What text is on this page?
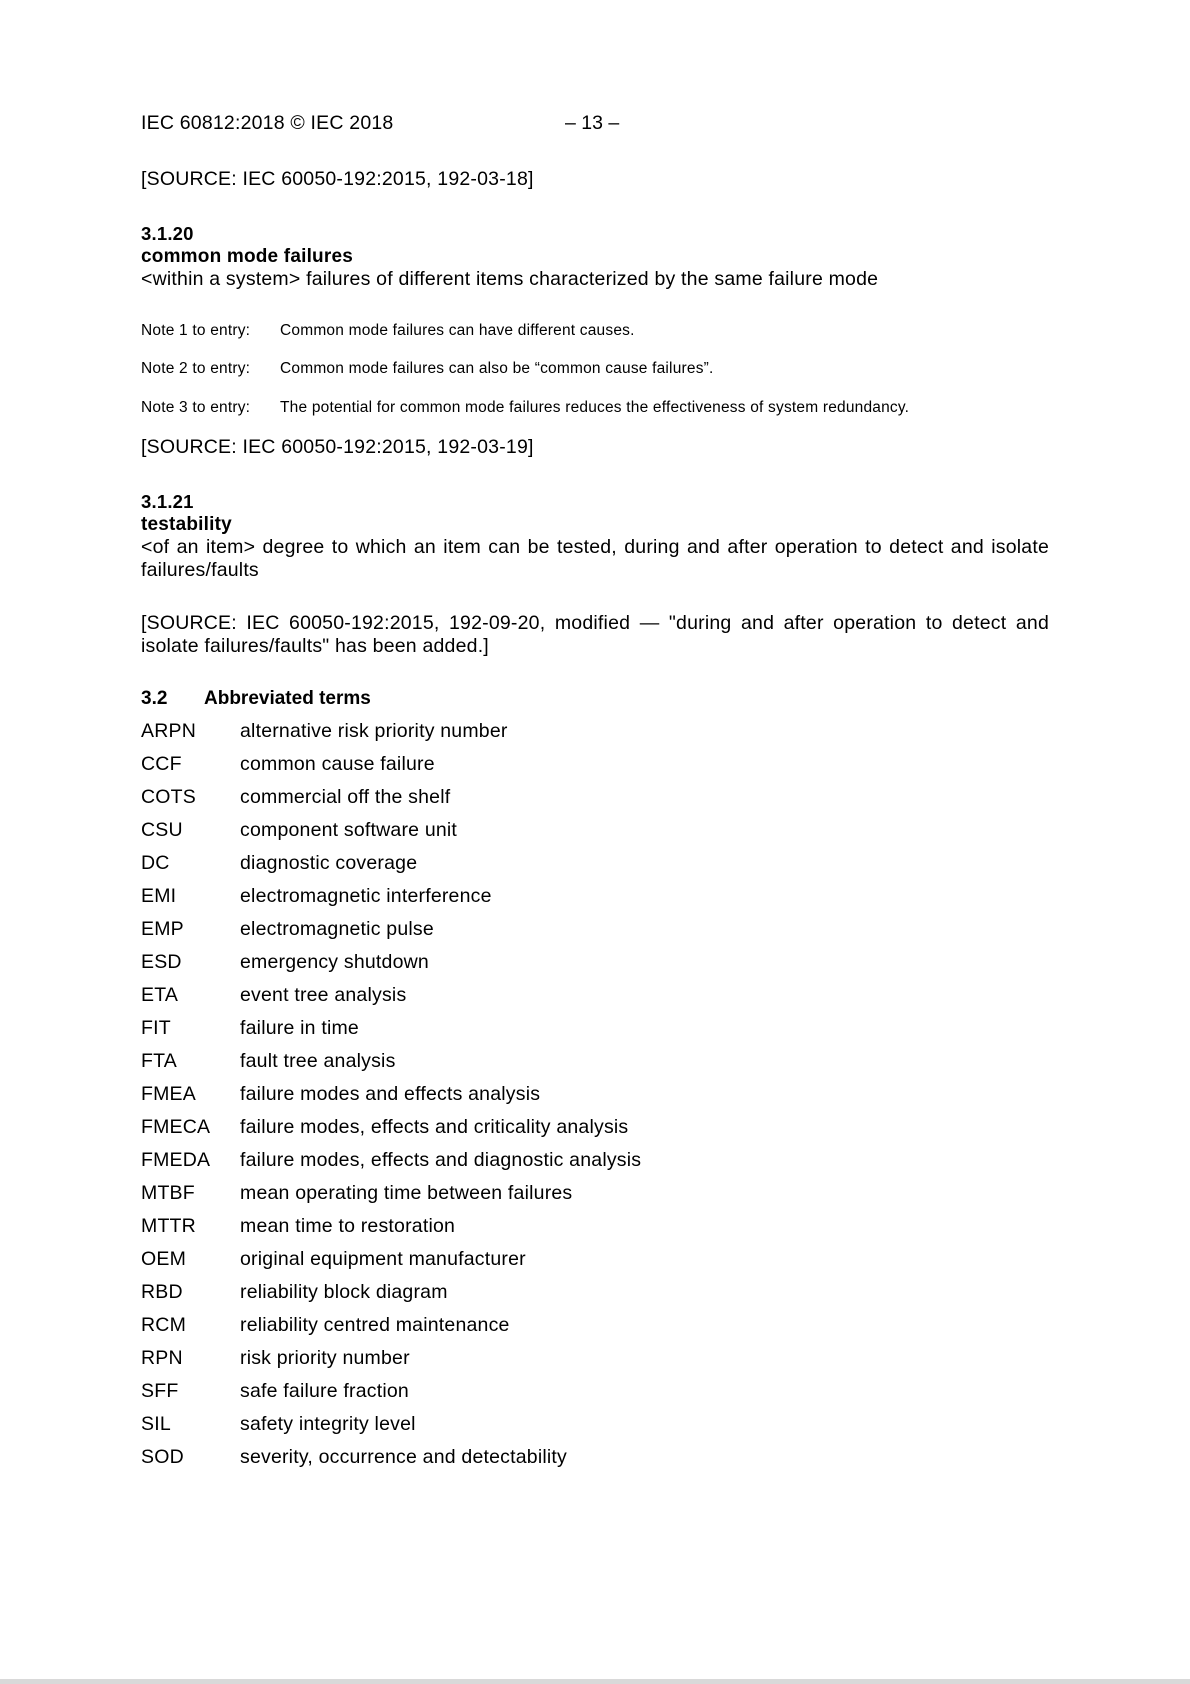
IEC 60812:2018 © IEC 2018	– 13 –
[SOURCE: IEC 60050-192:2015, 192-03-18]
3.1.20
common mode failures
<within a system> failures of different items characterized by the same failure mode
Note 1 to entry: Common mode failures can have different causes.
Note 2 to entry: Common mode failures can also be “common cause failures”.
Note 3 to entry: The potential for common mode failures reduces the effectiveness of system redundancy.
[SOURCE: IEC 60050-192:2015, 192-03-19]
3.1.21
testability
<of an item> degree to which an item can be tested, during and after operation to detect and isolate failures/faults
[SOURCE: IEC 60050-192:2015, 192-09-20, modified — "during and after operation to detect and isolate failures/faults" has been added.]
3.2 Abbreviated terms
ARPN alternative risk priority number
CCF	common cause failure
COTS commercial off the shelf
CSU	component software unit
DC	diagnostic coverage
EMI	electromagnetic interference
EMP	electromagnetic pulse
ESD	emergency shutdown
ETA	event tree analysis
FIT	failure in time
FTA	fault tree analysis
FMEA failure modes and effects analysis
FMECA failure modes, effects and criticality analysis
FMEDA failure modes, effects and diagnostic analysis
MTBF mean operating time between failures
MTTR mean time to restoration
OEM	original equipment manufacturer
RBD	reliability block diagram
RCM	reliability centred maintenance
RPN	risk priority number
SFF	safe failure fraction
SIL	safety integrity level
SOD	severity, occurrence and detectability
